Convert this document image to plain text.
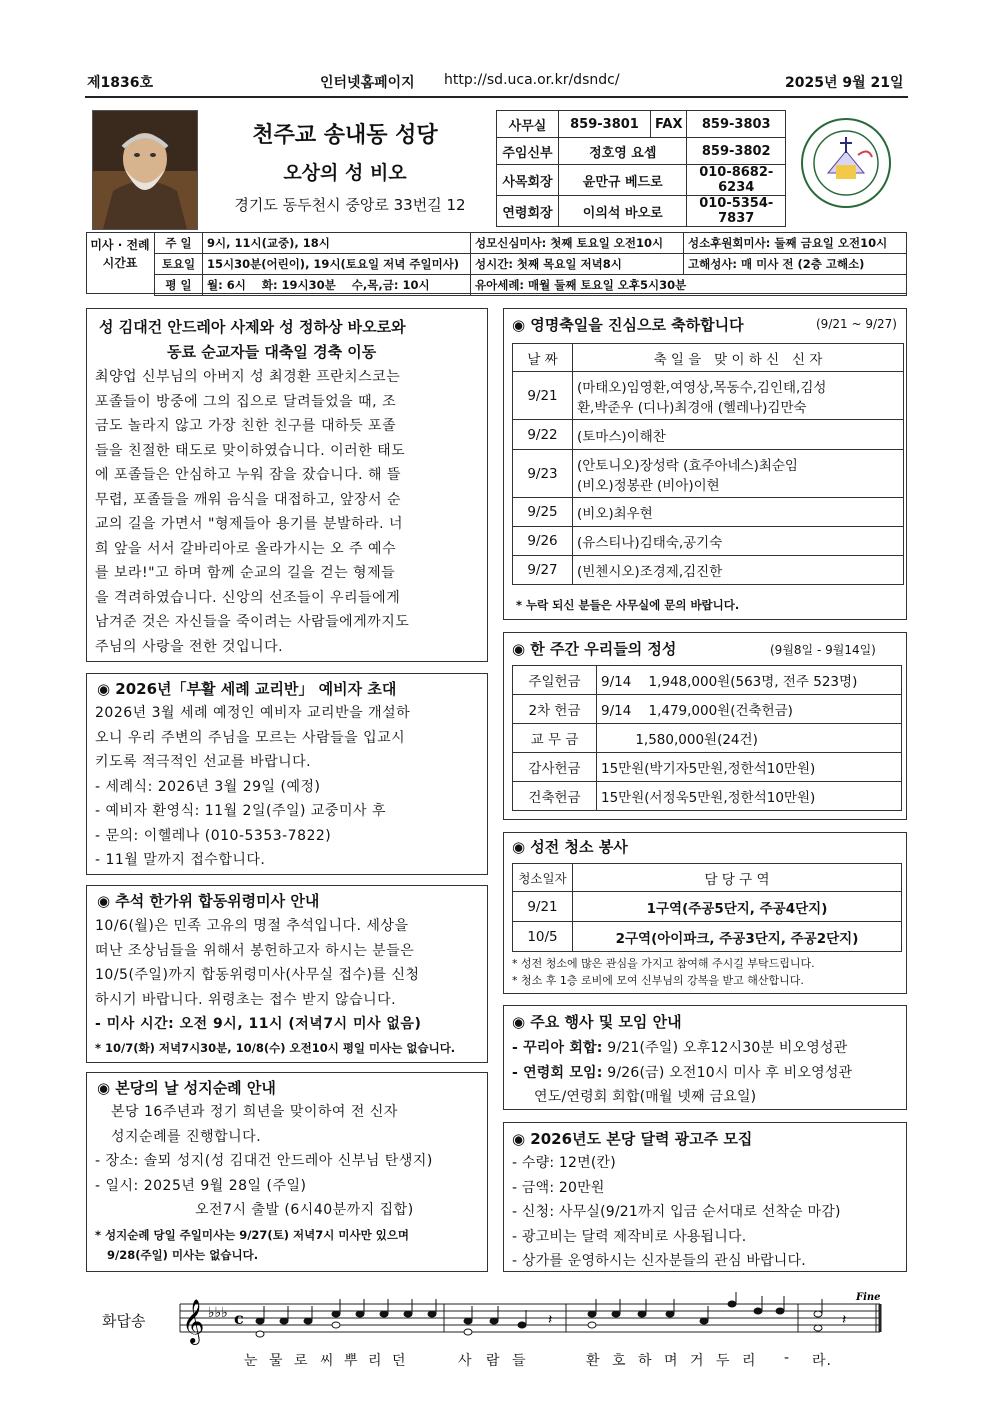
제1836호	인터넷홈페이지 http://sd.uca.or.kr/dsndc/	2025년 9월 21일
천주교 송내동 성당
오상의 성 비오
경기도 동두천시 중앙로 33번길 12
사무실	859-3801	FAX	859-3803
주임신부	정호영 요셉		859-3802
사목회장	윤만규 베드로		010-8682-6234
연령회장	이의석 바오로		010-5354-7837
미사 · 전례
시간표
주 일	9시, 11시(교중), 18시	성모신심미사: 첫째 토요일 오전10시	성소후원회미사: 둘째 금요일 오전10시
토요일	15시30분(어린이), 19시(토요일 저녁 주일미사)	성시간: 첫째 목요일 저녁8시	고해성사: 매 미사 전 (2층 고해소)
평 일	월: 6시    화: 19시30분    수,목,금: 10시	유아세례: 매월 둘째 토요일 오후5시30분	
성 김대건 안드레아 사제와 성 정하상 바오로와
동료 순교자들 대축일 경축 이동
최양업 신부님의 아버지 성 최경환 프란치스코는
포졸들이 방중에 그의 집으로 달려들었을 때, 조
금도 놀라지 않고 가장 친한 친구를 대하듯 포졸
들을 친절한 태도로 맞이하였습니다. 이러한 태도
에 포졸들은 안심하고 누워 잠을 잤습니다. 해 뜰
무렵, 포졸들을 깨워 음식을 대접하고, 앞장서 순
교의 길을 가면서 "형제들아 용기를 분발하라. 너
희 앞을 서서 갈바리아로 올라가시는 오 주 예수
를 보라!"고 하며 함께 순교의 길을 걷는 형제들
을 격려하였습니다. 신앙의 선조들이 우리들에게
남겨준 것은 자신들을 죽이려는 사람들에게까지도
주님의 사랑을 전한 것입니다.
◉ 2026년「부활 세례 교리반」 예비자 초대
2026년 3월 세례 예정인 예비자 교리반을 개설하
오니 우리 주변의 주님을 모르는 사람들을 입교시
키도록 적극적인 선교를 바랍니다.
- 세례식: 2026년 3월 29일 (예정)
- 예비자 환영식: 11월 2일(주일) 교중미사 후
- 문의: 이헬레나 (010-5353-7822)
- 11월 말까지 접수합니다.
◉ 추석 한가위 합동위령미사 안내
10/6(월)은 민족 고유의 명절 추석입니다. 세상을
떠난 조상님들을 위해서 봉헌하고자 하시는 분들은
10/5(주일)까지 합동위령미사(사무실 접수)를 신청
하시기 바랍니다. 위령초는 접수 받지 않습니다.
- 미사 시간: 오전 9시, 11시 (저녁7시 미사 없음)
* 10/7(화) 저녁7시30분, 10/8(수) 오전10시 평일 미사는 없습니다.
◉ 본당의 날 성지순례 안내
본당 16주년과 정기 희년을 맞이하여 전 신자
성지순례를 진행합니다.
- 장소: 솔뫼 성지(성 김대건 안드레아 신부님 탄생지)
- 일시: 2025년 9월 28일 (주일)
오전7시 출발 (6시40분까지 집합)
* 성지순례 당일 주일미사는 9/27(토) 저녁7시 미사만 있으며
9/28(주일) 미사는 없습니다.
◉ 영명축일을 진심으로 축하합니다	(9/21 ~ 9/27)
날 짜	축 일 을   맞 이 하 신   신 자
9/21	(마태오)임영환,여영상,목동수,김인태,김성
환,박준우 (디나)최경애 (헬레나)김만숙

9/22	(토마스)이해찬
9/23	(안토니오)장성락 (효주아네스)최순임
(비오)정봉관 (비아)이현

9/25	(비오)최우현
9/26	(유스티나)김태숙,공기숙
9/27	(빈첸시오)조경제,김진한
* 누락 되신 분들은 사무실에 문의 바랍니다.
◉ 한 주간 우리들의 정성	(9월8일 - 9월14일)
주일헌금	9/14    1,948,000원(563명, 전주 523명)
2차 헌금	9/14    1,479,000원(건축헌금)
교 무 금	1,580,000원(24건)
감사헌금	15만원(박기자5만원,정한석10만원)
건축헌금	15만원(서정욱5만원,정한석10만원)
◉ 성전 청소 봉사
청소일자	담 당 구 역
9/21	1구역(주공5단지, 주공4단지)
10/5	2구역(아이파크, 주공3단지, 주공2단지)
* 성전 청소에 많은 관심을 가지고 참여해 주시길 부탁드립니다.
* 청소 후 1층 로비에 모여 신부님의 강복을 받고 해산합니다.
◉ 주요 행사 및 모임 안내
- 꾸리아 회합: 9/21(주일) 오후12시30분 비오영성관
- 연령회 모임: 9/26(금) 오전10시 미사 후 비오영성관
연도/연령회 회합(매월 넷째 금요일)
◉ 2026년도 본당 달력 광고주 모집
- 수량: 12면(칸)
- 금액: 20만원
- 신청: 사무실(9/21까지 입금 순서대로 선착순 마감)
- 광고비는 달력 제작비로 사용됩니다.
- 상가를 운영하시는 신자분들의 관심 바랍니다.
화답송 𝄞 ♭♭♭ c	𝄽	𝄽
Fine
눈 물 로 씨 뿌 리 던	사 람 들	환 호 하 며 거 두 리 - 라.
